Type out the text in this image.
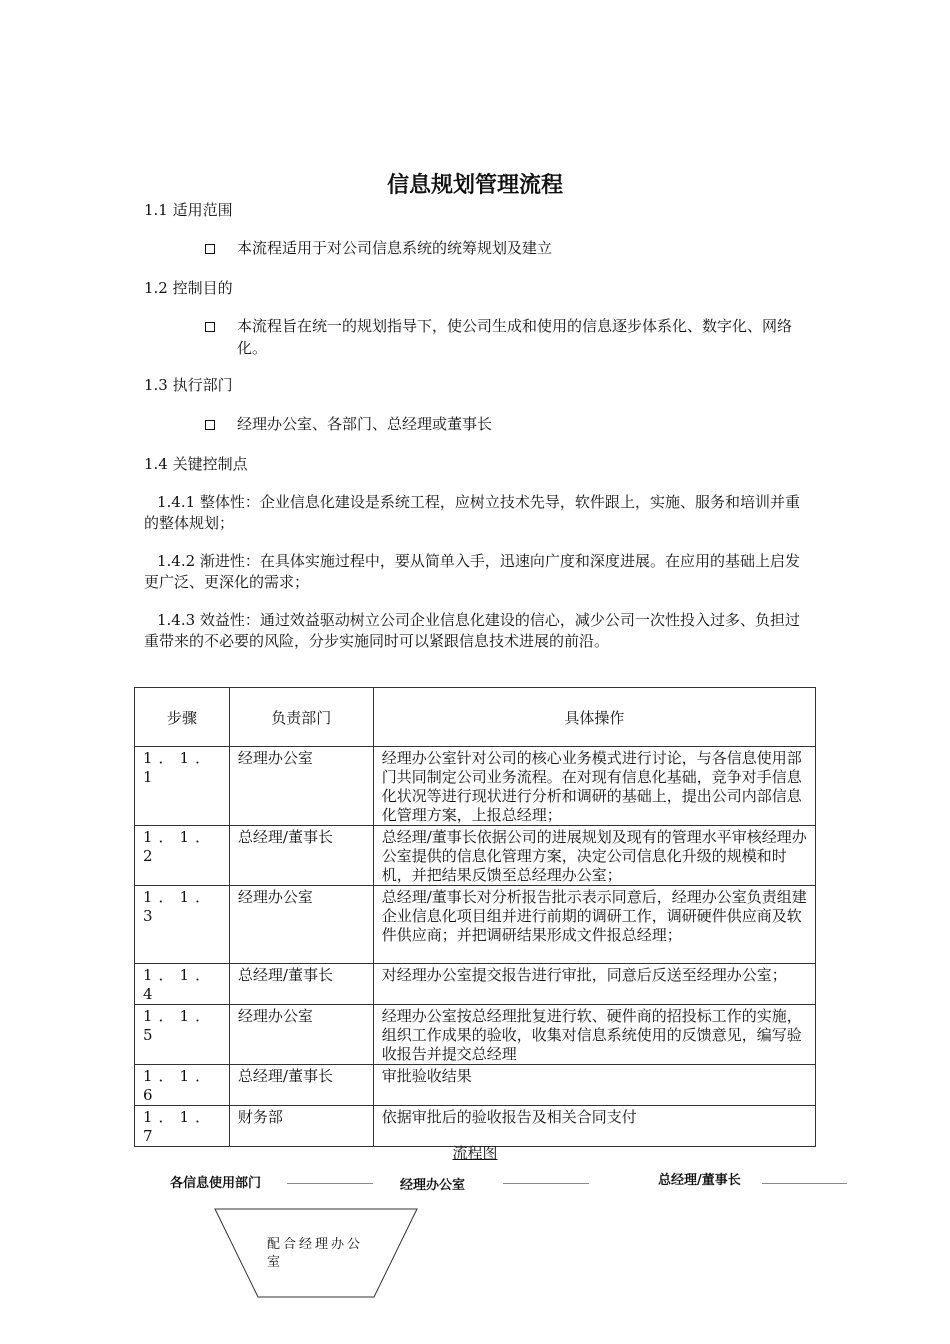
信息规划管理流程
1.1 适用范围
本流程适用于对公司信息系统的统筹规划及建立
1.2 控制目的
本流程旨在统一的规划指导下，使公司生成和使用的信息逐步体系化、数字化、网络化。
1.3 执行部门
经理办公室、各部门、总经理或董事长
1.4 关键控制点
1.4.1 整体性：企业信息化建设是系统工程，应树立技术先导，软件跟上，实施、服务和培训并重的整体规划；
1.4.2 渐进性：在具体实施过程中，要从简单入手，迅速向广度和深度进展。在应用的基础上启发更广泛、更深化的需求；
1.4.3 效益性：通过效益驱动树立公司企业信息化建设的信心，减少公司一次性投入过多、负担过重带来的不必要的风险，分步实施同时可以紧跟信息技术进展的前沿。
步骤	负责部门	具体操作
1．1．1	经理办公室	经理办公室针对公司的核心业务模式进行讨论，与各信息使用部门共同制定公司业务流程。在对现有信息化基础，竞争对手信息化状况等进行现状进行分析和调研的基础上，提出公司内部信息化管理方案，上报总经理；
1．1．2	总经理/董事长	总经理/董事长依据公司的进展规划及现有的管理水平审核经理办公室提供的信息化管理方案，决定公司信息化升级的规模和时机，并把结果反馈至总经理办公室；
1．1．3	经理办公室	总经理/董事长对分析报告批示表示同意后，经理办公室负责组建企业信息化项目组并进行前期的调研工作，调研硬件供应商及软件供应商；并把调研结果形成文件报总经理；
1．1．4	总经理/董事长	对经理办公室提交报告进行审批，同意后反送至经理办公室；
1．1．5	经理办公室	经理办公室按总经理批复进行软、硬件商的招投标工作的实施，组织工作成果的验收，收集对信息系统使用的反馈意见，编写验收报告并提交总经理
1．1．6	总经理/董事长	审批验收结果
1．1．7	财务部	依据审批后的验收报告及相关合同支付
流程图
各信息使用部门	经理办公室	总经理/董事长
配合经理办公室
